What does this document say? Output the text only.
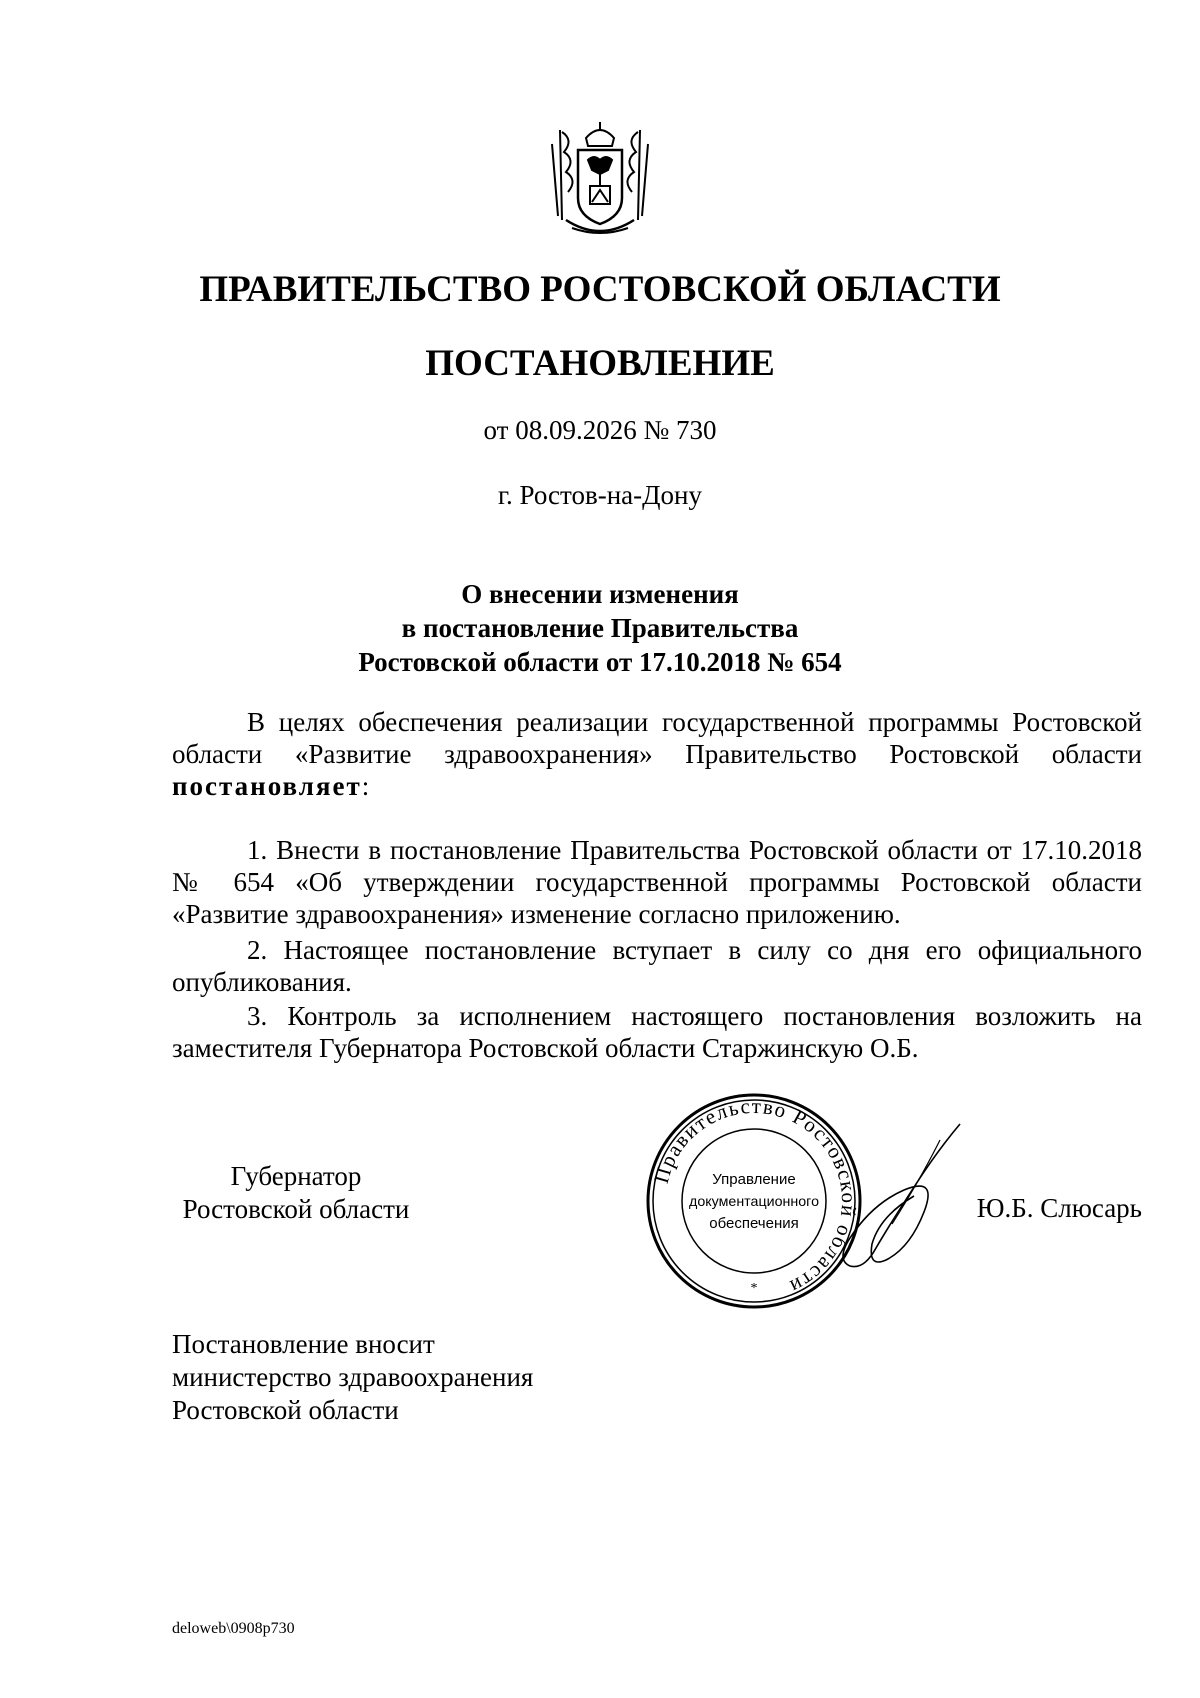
ПРАВИТЕЛЬСТВО РОСТОВСКОЙ ОБЛАСТИ
ПОСТАНОВЛЕНИЕ
от 08.09.2026 № 730
г. Ростов-на-Дону
О внесении изменения
в постановление Правительства
Ростовской области от 17.10.2018 № 654
В целях обеспечения реализации государственной программы Ростовской области «Развитие здравоохранения» Правительство Ростовской области постановляет:
1. Внести в постановление Правительства Ростовской области от 17.10.2018 № 654 «Об утверждении государственной программы Ростовской области «Развитие здравоохранения» изменение согласно приложению.
2. Настоящее постановление вступает в силу со дня его официального опубликования.
3. Контроль за исполнением настоящего постановления возложить на заместителя Губернатора Ростовской области Старжинскую О.Б.
Губернатор
Ростовской области
Правительство Ростовской области
Управление
документационного
обеспечения
*
Ю.Б. Слюсарь
Постановление вносит
министерство здравоохранения
Ростовской области
deloweb\0908p730
